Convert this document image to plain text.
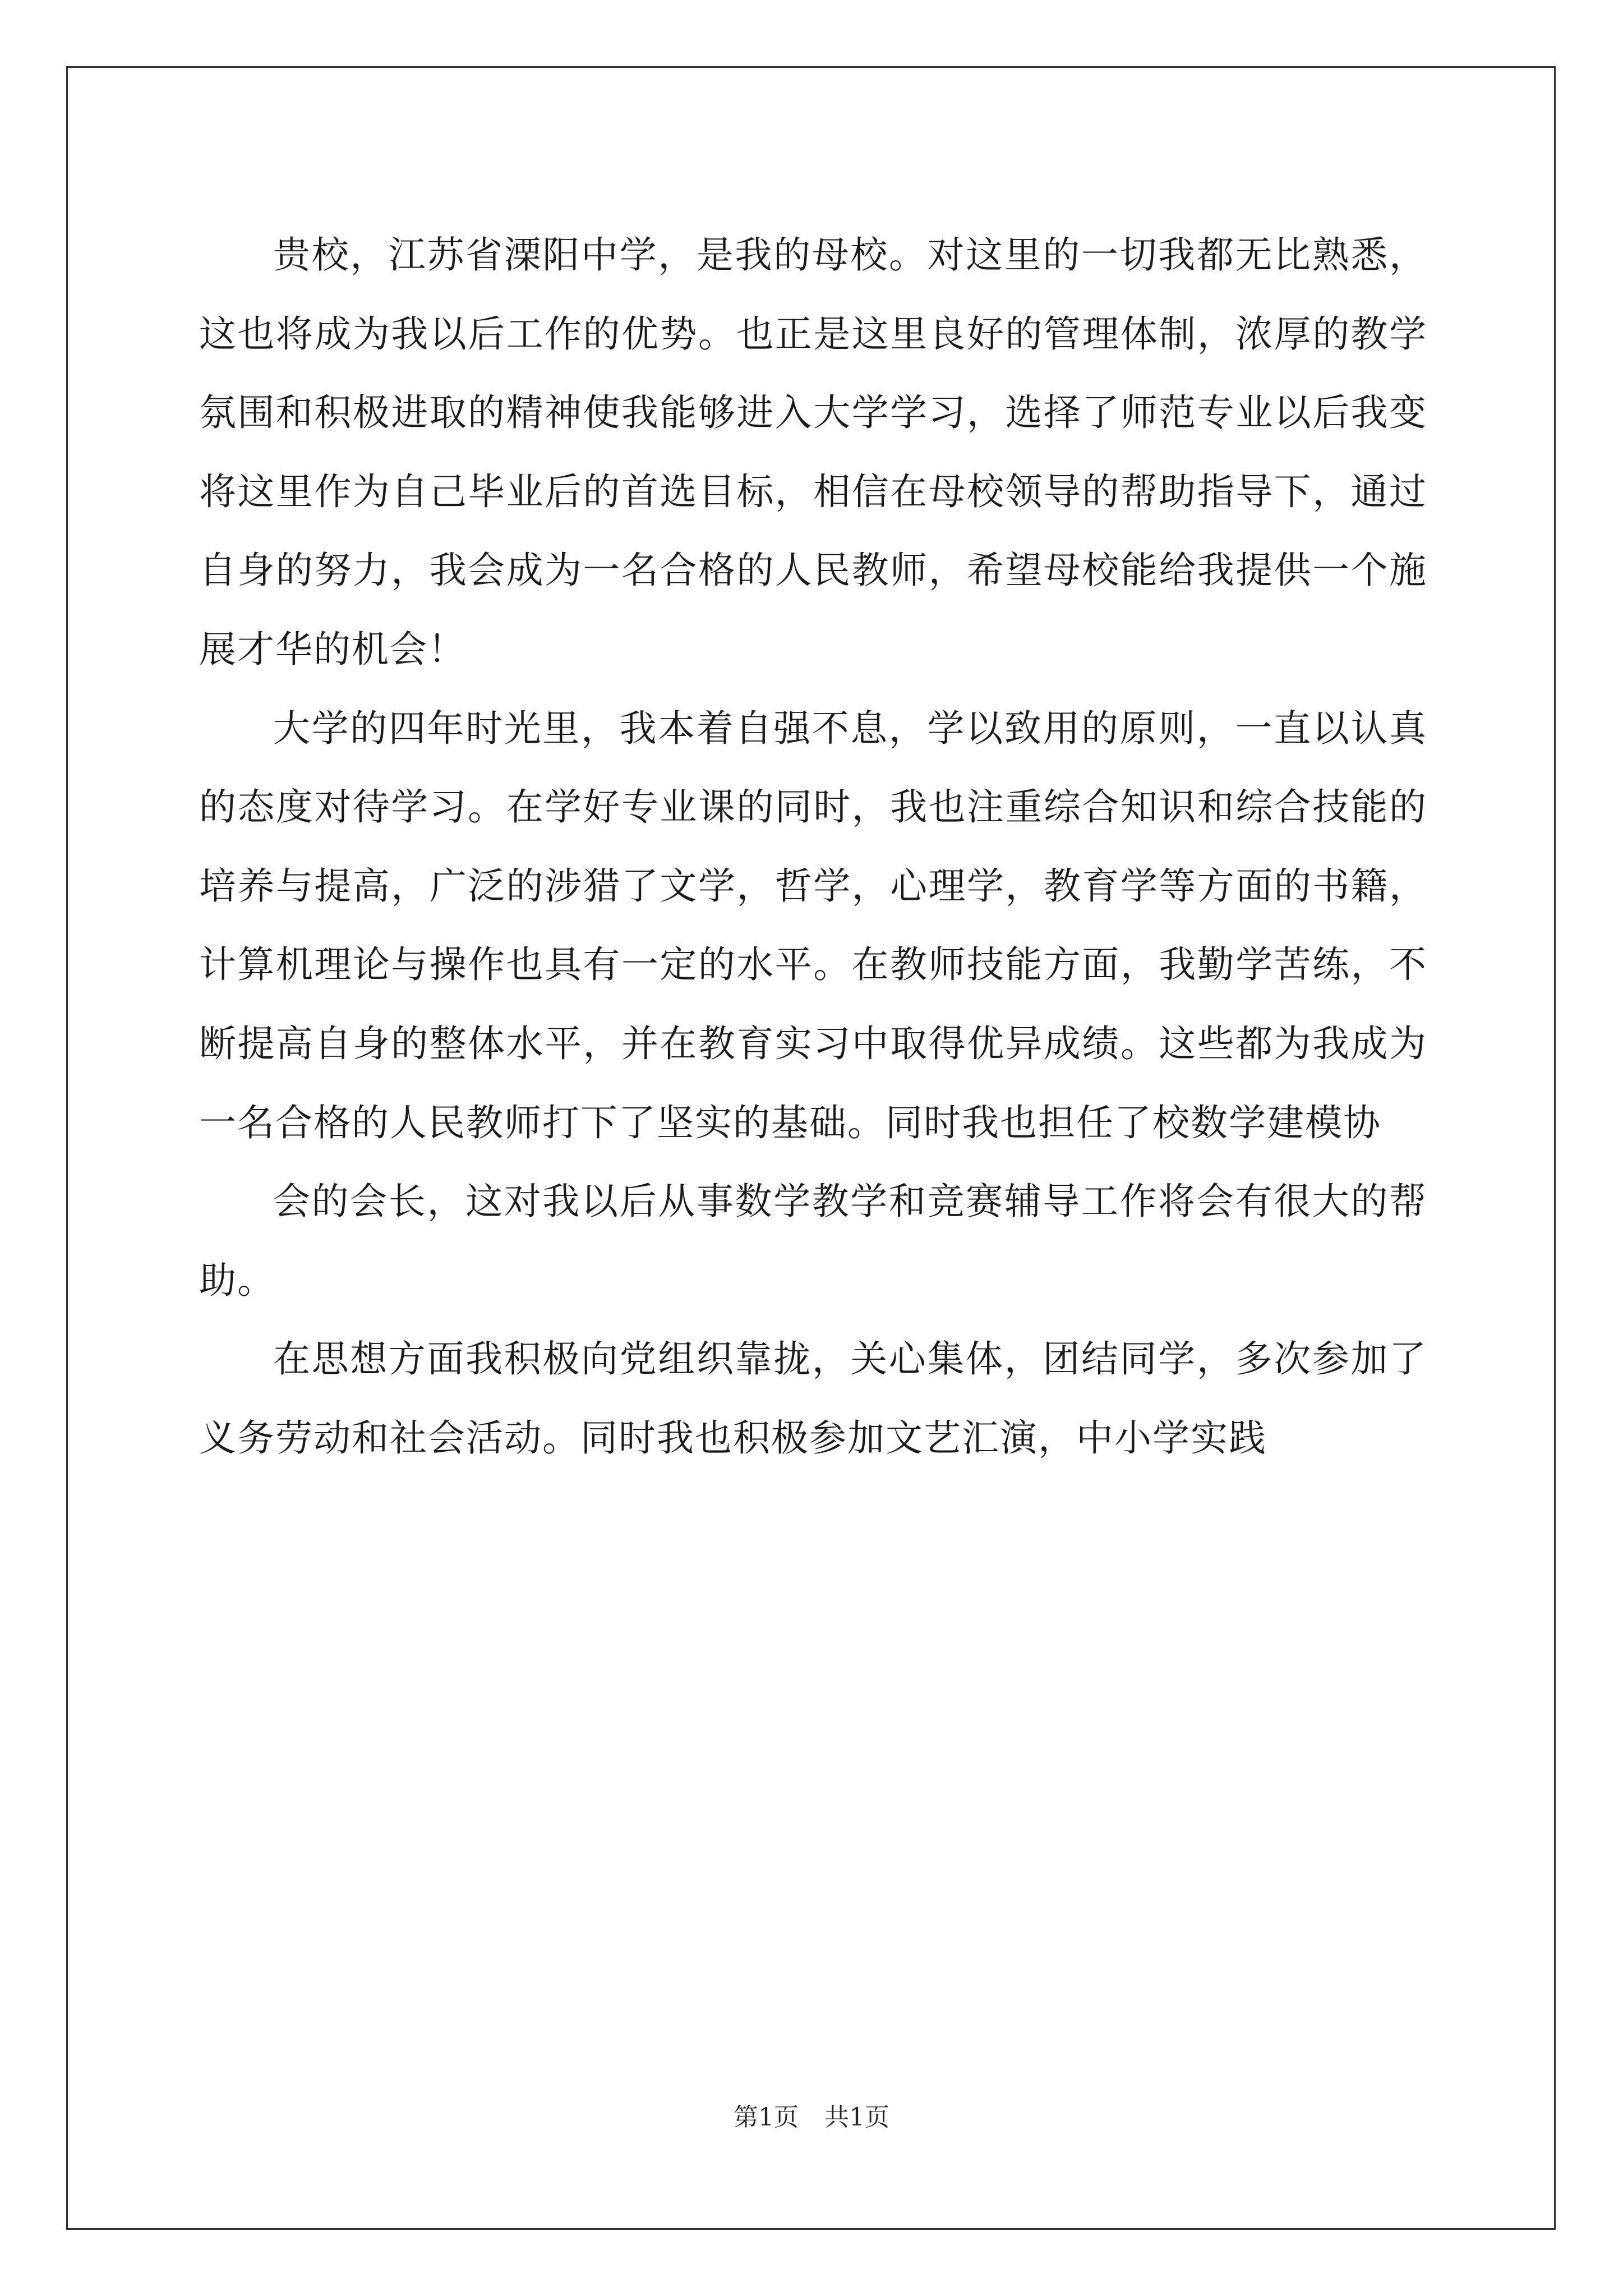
贵校，江苏省溧阳中学，是我的母校。对这里的一切我都无比熟悉，这也将成为我以后工作的优势。也正是这里良好的管理体制，浓厚的教学氛围和积极进取的精神使我能够进入大学学习，选择了师范专业以后我变将这里作为自己毕业后的首选目标，相信在母校领导的帮助指导下，通过自身的努力，我会成为一名合格的人民教师，希望母校能给我提供一个施展才华的机会！

大学的四年时光里，我本着自强不息，学以致用的原则，一直以认真的态度对待学习。在学好专业课的同时，我也注重综合知识和综合技能的培养与提高，广泛的涉猎了文学，哲学，心理学，教育学等方面的书籍，计算机理论与操作也具有一定的水平。在教师技能方面，我勤学苦练，不断提高自身的整体水平，并在教育实习中取得优异成绩。这些都为我成为一名合格的人民教师打下了坚实的基础。同时我也担任了校数学建模协

会的会长，这对我以后从事数学教学和竞赛辅导工作将会有很大的帮助。

在思想方面我积极向党组织靠拢，关心集体，团结同学，多次参加了义务劳动和社会活动。同时我也积极参加文艺汇演，中小学实践

第1页 共1页
